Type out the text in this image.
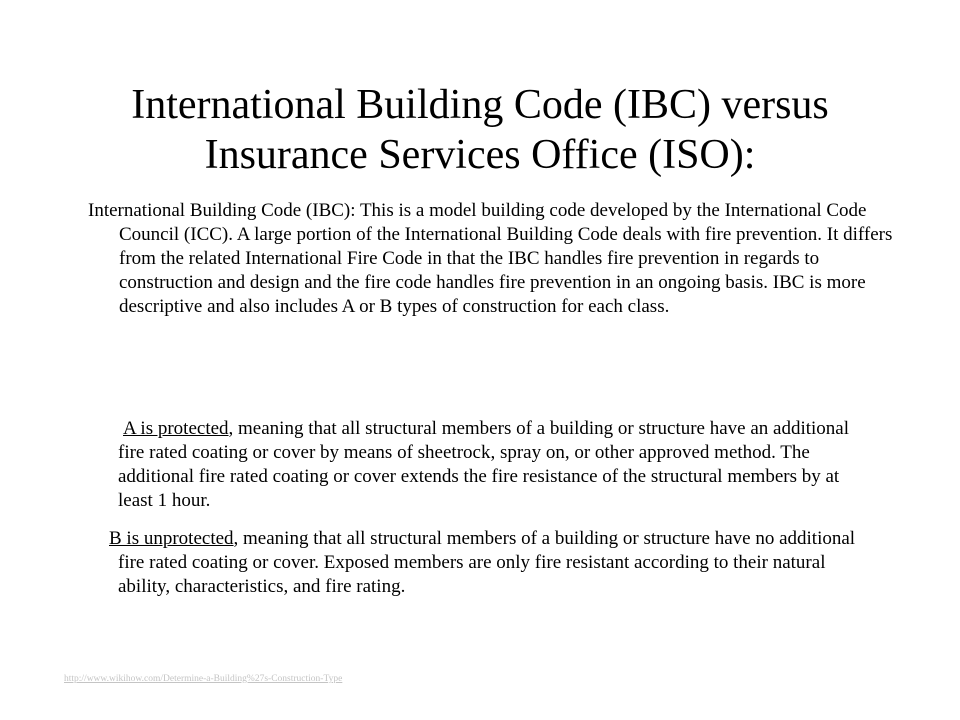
International Building Code (IBC) versus
Insurance Services Office (ISO):

International Building Code (IBC): This is a model building code developed by the International Code Council (ICC). A large portion of the International Building Code deals with fire prevention. It differs from the related International Fire Code in that the IBC handles fire prevention in regards to construction and design and the fire code handles fire prevention in an ongoing basis. IBC is more descriptive and also includes A or B types of construction for each class.

A is protected, meaning that all structural members of a building or structure have an additional fire rated coating or cover by means of sheetrock, spray on, or other approved method. The additional fire rated coating or cover extends the fire resistance of the structural members by at least 1 hour.

B is unprotected, meaning that all structural members of a building or structure have no additional fire rated coating or cover. Exposed members are only fire resistant according to their natural ability, characteristics, and fire rating.

http://www.wikihow.com/Determine-a-Building%27s-Construction-Type
